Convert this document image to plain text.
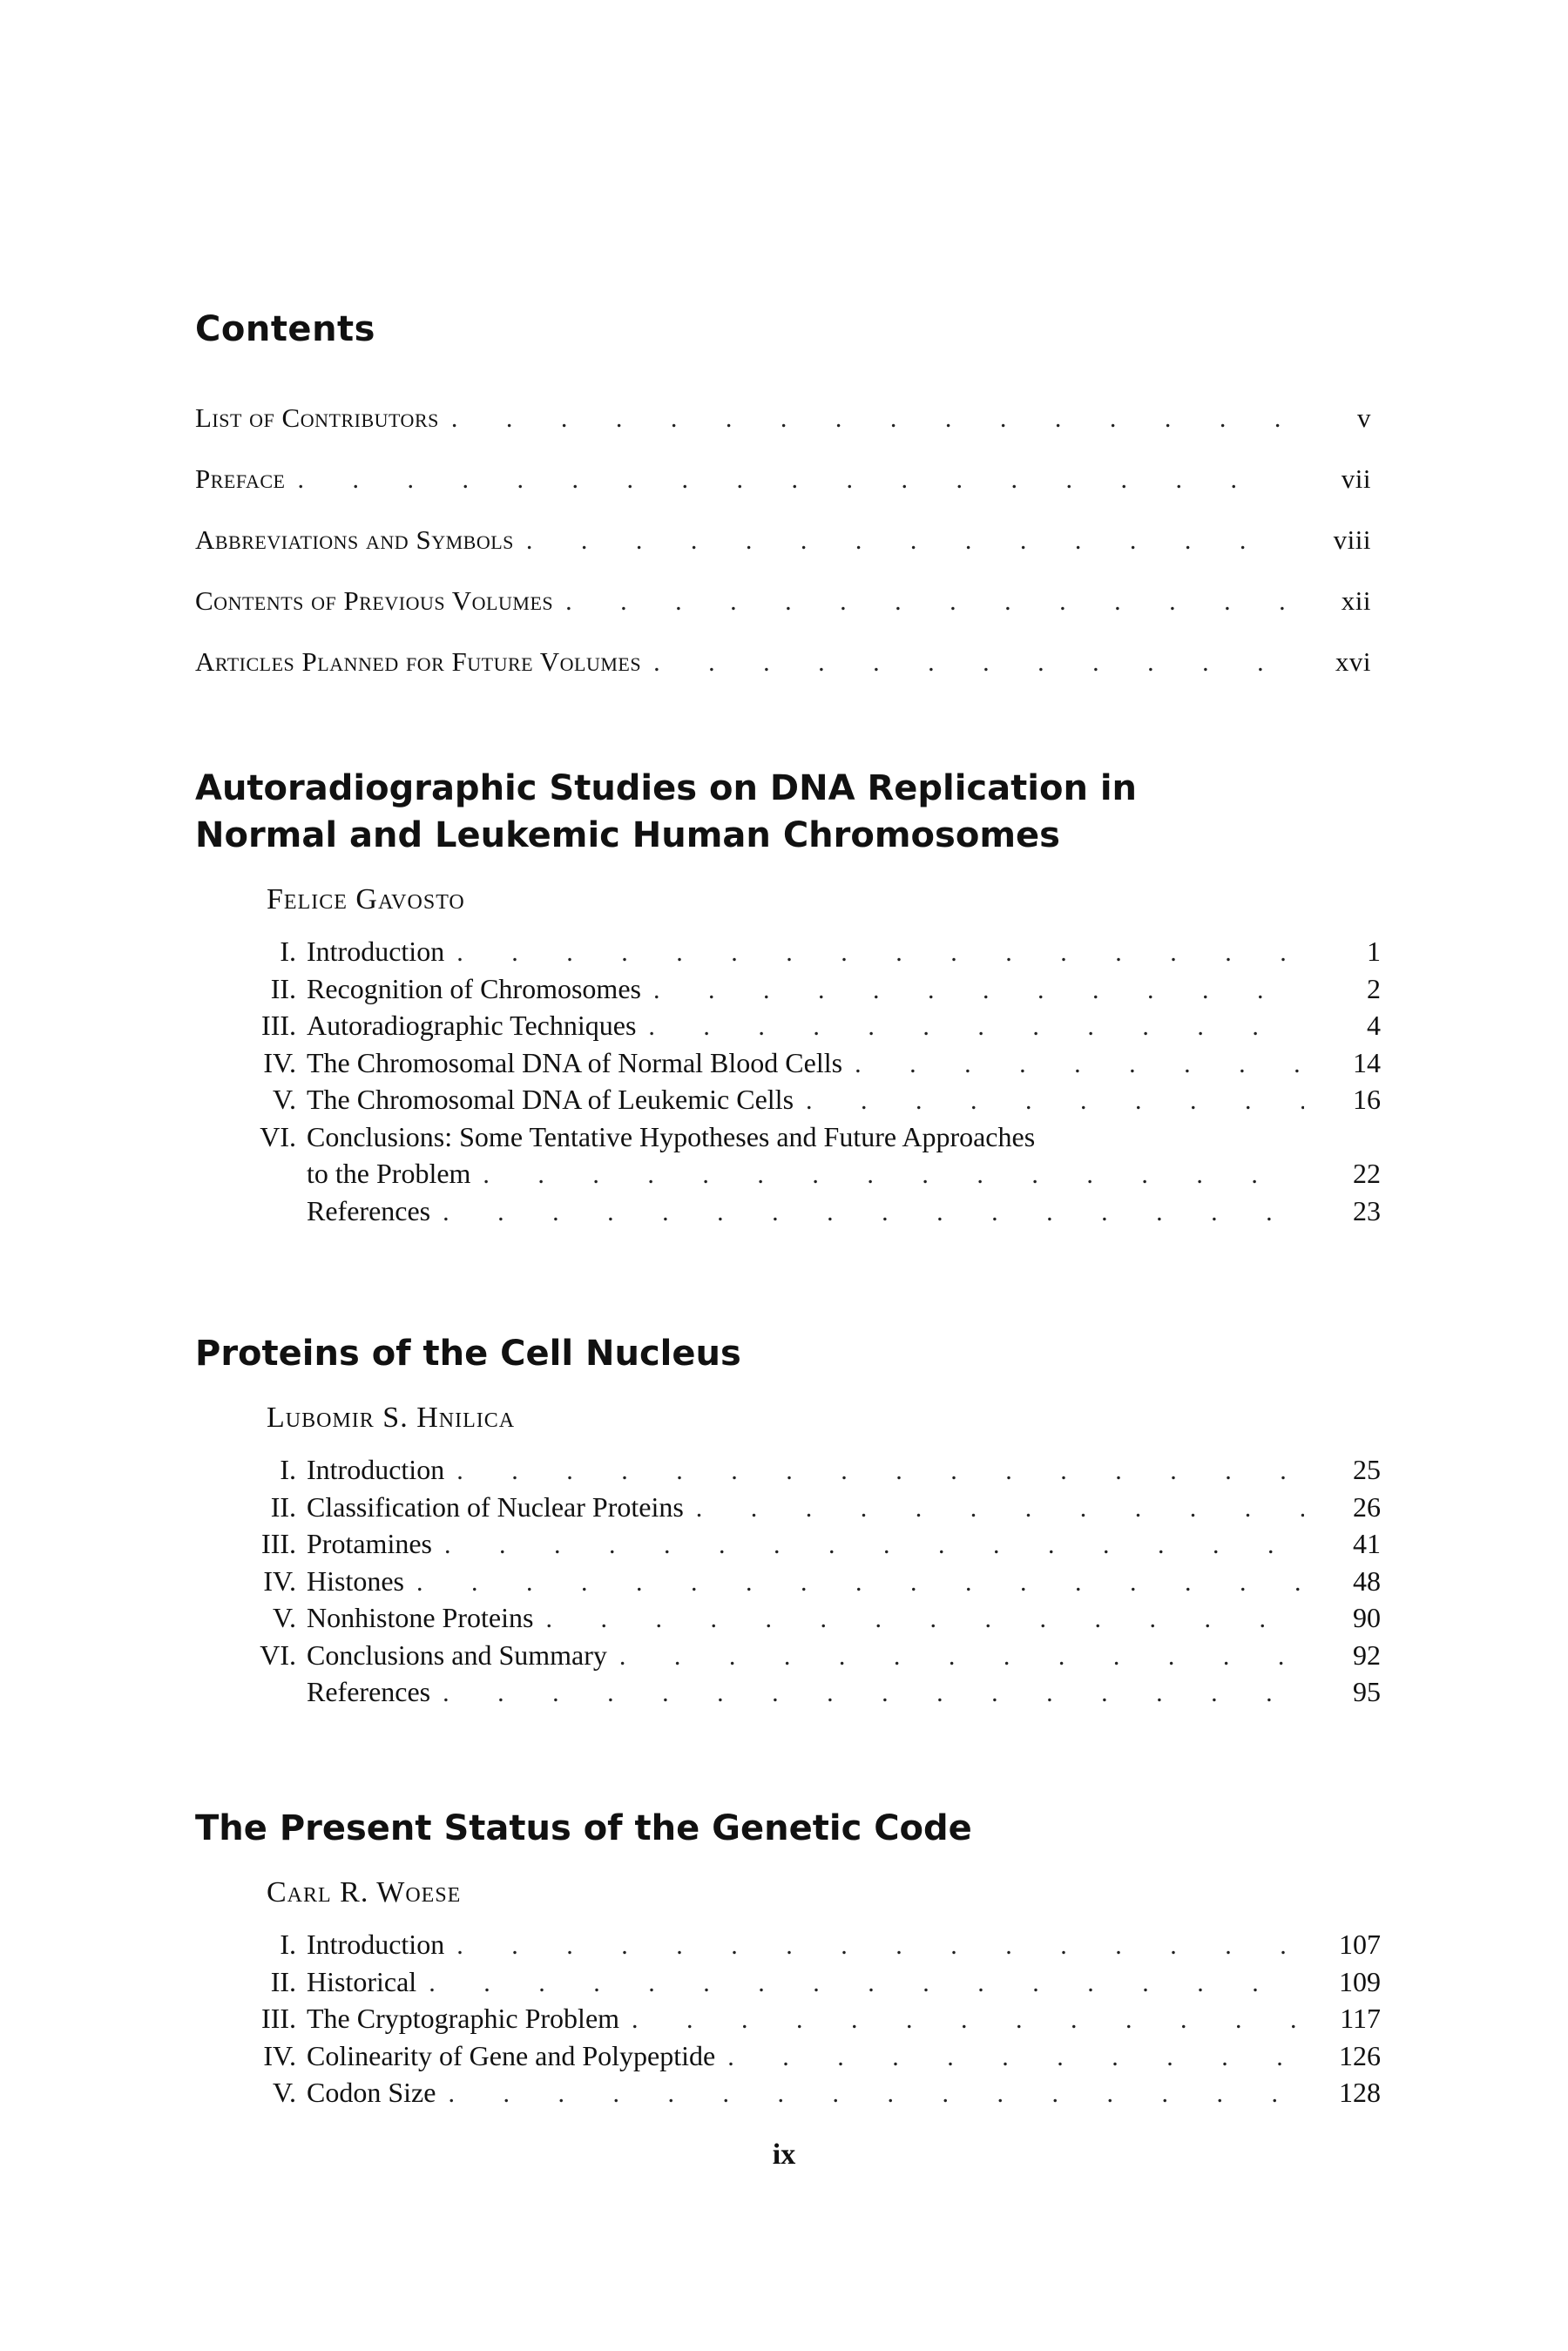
Contents
List of Contributors . . .	v
Preface . . .	vii
Abbreviations and Symbols . . .	viii
Contents of Previous Volumes . . .	xii
Articles Planned for Future Volumes . . .	xvi
Autoradiographic Studies on DNA Replication in Normal and Leukemic Human Chromosomes
Felice Gavosto
I. Introduction . . .	1
II. Recognition of Chromosomes . . .	2
III. Autoradiographic Techniques . . .	4
IV. The Chromosomal DNA of Normal Blood Cells . . .	14
V. The Chromosomal DNA of Leukemic Cells . . .	16
VI. Conclusions: Some Tentative Hypotheses and Future Approaches
to the Problem . . .	22
References . . .	23
Proteins of the Cell Nucleus
Lubomir S. Hnilica
I. Introduction . . .	25
II. Classification of Nuclear Proteins . . .	26
III. Protamines . . .	41
IV. Histones . . .	48
V. Nonhistone Proteins . . .	90
VI. Conclusions and Summary . . .	92
References . . .	95
The Present Status of the Genetic Code
Carl R. Woese
I. Introduction . . .	107
II. Historical . . .	109
III. The Cryptographic Problem . . .	117
IV. Colinearity of Gene and Polypeptide . . .	126
V. Codon Size . . .	128
ix
